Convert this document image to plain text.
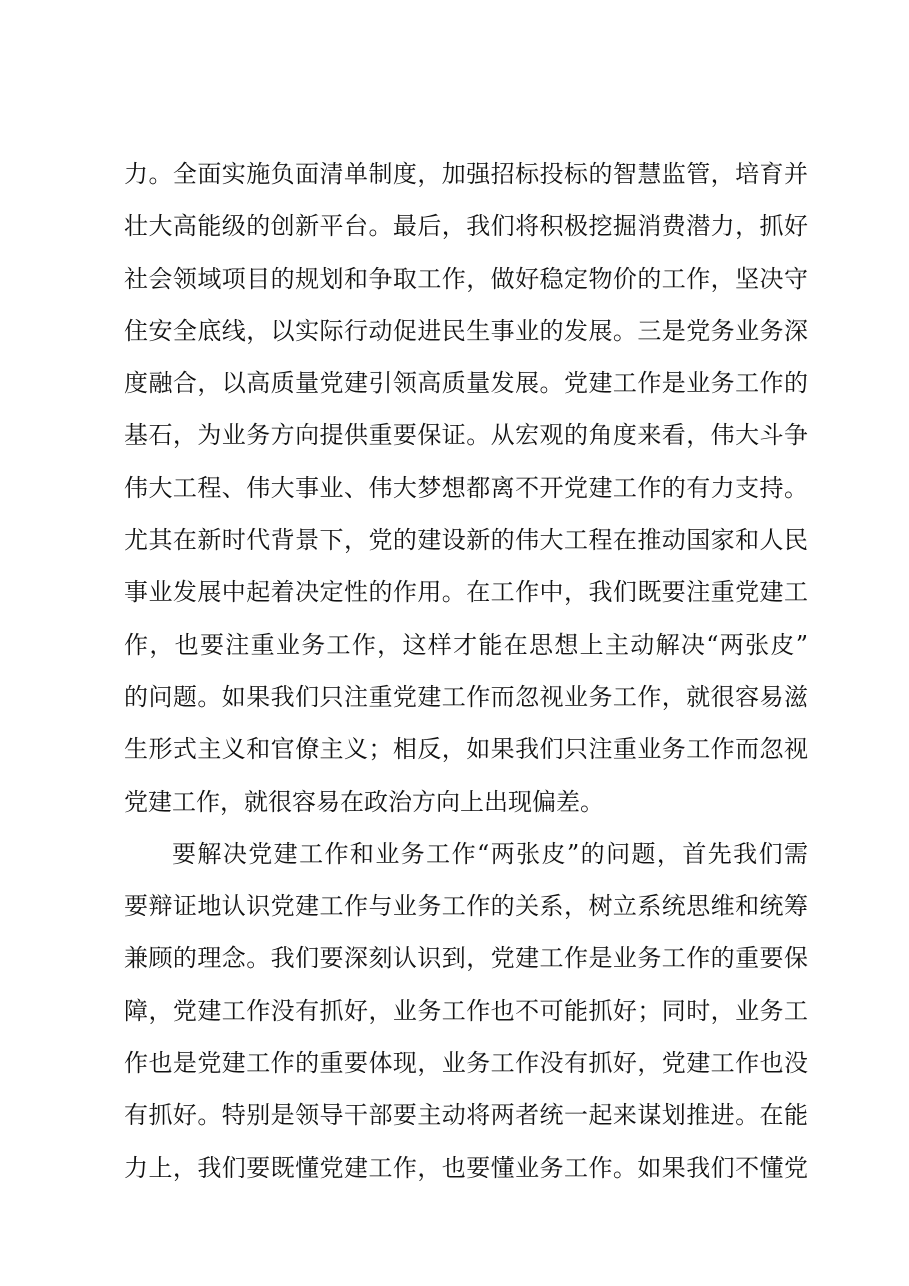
力。全面实施负面清单制度，加强招标投标的智慧监管，培育并
壮大高能级的创新平台。最后，我们将积极挖掘消费潜力，抓好
社会领域项目的规划和争取工作，做好稳定物价的工作，坚决守
住安全底线，以实际行动促进民生事业的发展。三是党务业务深
度融合，以高质量党建引领高质量发展。党建工作是业务工作的
基石，为业务方向提供重要保证。从宏观的角度来看，伟大斗争
伟大工程、伟大事业、伟大梦想都离不开党建工作的有力支持。
尤其在新时代背景下，党的建设新的伟大工程在推动国家和人民
事业发展中起着决定性的作用。在工作中，我们既要注重党建工
作，也要注重业务工作，这样才能在思想上主动解决“两张皮”
的问题。如果我们只注重党建工作而忽视业务工作，就很容易滋
生形式主义和官僚主义；相反，如果我们只注重业务工作而忽视
党建工作，就很容易在政治方向上出现偏差。
要解决党建工作和业务工作“两张皮”的问题，首先我们需
要辩证地认识党建工作与业务工作的关系，树立系统思维和统筹
兼顾的理念。我们要深刻认识到，党建工作是业务工作的重要保
障，党建工作没有抓好，业务工作也不可能抓好；同时，业务工
作也是党建工作的重要体现，业务工作没有抓好，党建工作也没
有抓好。特别是领导干部要主动将两者统一起来谋划推进。在能
力上，我们要既懂党建工作，也要懂业务工作。如果我们不懂党
